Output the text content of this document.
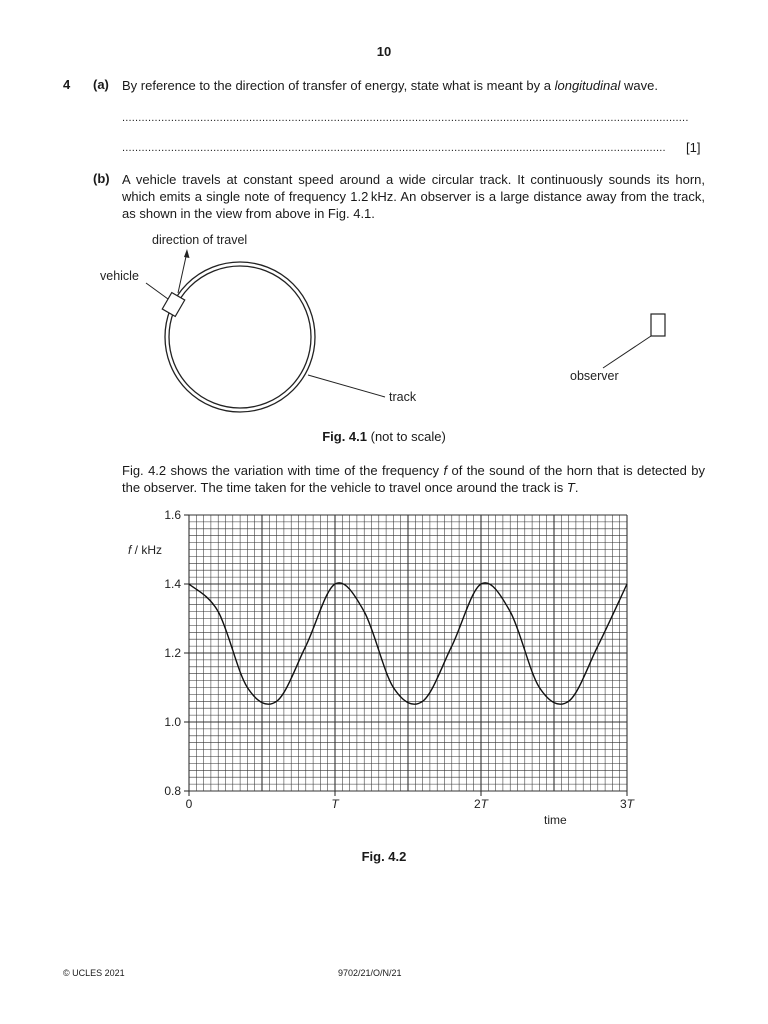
10
4 (a) By reference to the direction of transfer of energy, state what is meant by a longitudinal wave.
..............................................................................................................................................................................
.......................................................................................................................................................................	[1]
(b) A vehicle travels at constant speed around a wide circular track. It continuously sounds its horn, which emits a single note of frequency 1.2 kHz. An observer is a large distance away from the track, as shown in the view from above in Fig. 4.1.
direction of travel
vehicle
track
observer
Fig. 4.1 (not to scale)
Fig. 4.2 shows the variation with time of the frequency f of the sound of the horn that is detected by the observer. The time taken for the vehicle to travel once around the track is T.
1.6
1.4
1.2
1.0
0.8
0	T	2T	3T
f / kHz
time
Fig. 4.2
© UCLES 2021	9702/21/O/N/21
